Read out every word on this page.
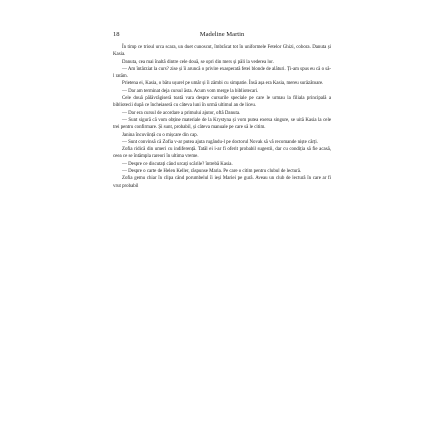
18	Madeline Martin

În timp ce trioul urca scara, un duet cunoscut, îmbrăcat tot în uniformele Fetelor Ghizi, cobora. Danuta și Kasia.

Danuta, cea mai înaltă dintre cele două, se opri din mers și păli la vederea lor.

— Am întârziat la curs? zise și îi aruncă o privire exasperată fetei blonde de alături. Ți-am spus eu că o să-l ratăm.

Prietena ei, Kasia, o bătu ușurel pe umăr și îi zâmbi cu simpatie. Însă așa era Kasia, mereu surâzătoare.

— Dar am terminat deja cursul ăsta. Acum vom merge la bibliotecari.

Cele două pălăvrăgiseră toată vara despre cursurile speciale pe care le urmau la filiala principală a bibliotecii după ce încheiaseră cu câteva luni în urmă ultimul an de liceu.

— Dar era cursul de acordare a primului ajutor, oftă Danuta.

— Sunt sigură că vom obține materiale de la Krystyna și vom putea exersa singure, se uită Kasia la cele trei pentru confirmare. Și sunt, probabil, și câteva manuale pe care să le citim.

Janina încuviință cu o mișcare din cap.

— Sunt convinsă că Zofia v-ar putea ajuta rugându-l pe doctorul Novak să vă recomande niște cărți.

Zofia ridică din umeri cu indiferență. Tatăl ei i-ar fi oferit probabil sugestii, dar cu condiția să fie acasă, ceea ce se întâmpla rareori în ultima vreme.

— Despre ce discutați când urcați scările? întrebă Kasia.

— Despre o carte de Helen Keller, răspunse Maria. Pe care o citim pentru clubul de lectură.

Zofia gemu chiar în clipa când porumbelul îi ieși Mariei pe gură. Aveau un club de lectură în care ar fi vrut probabil
